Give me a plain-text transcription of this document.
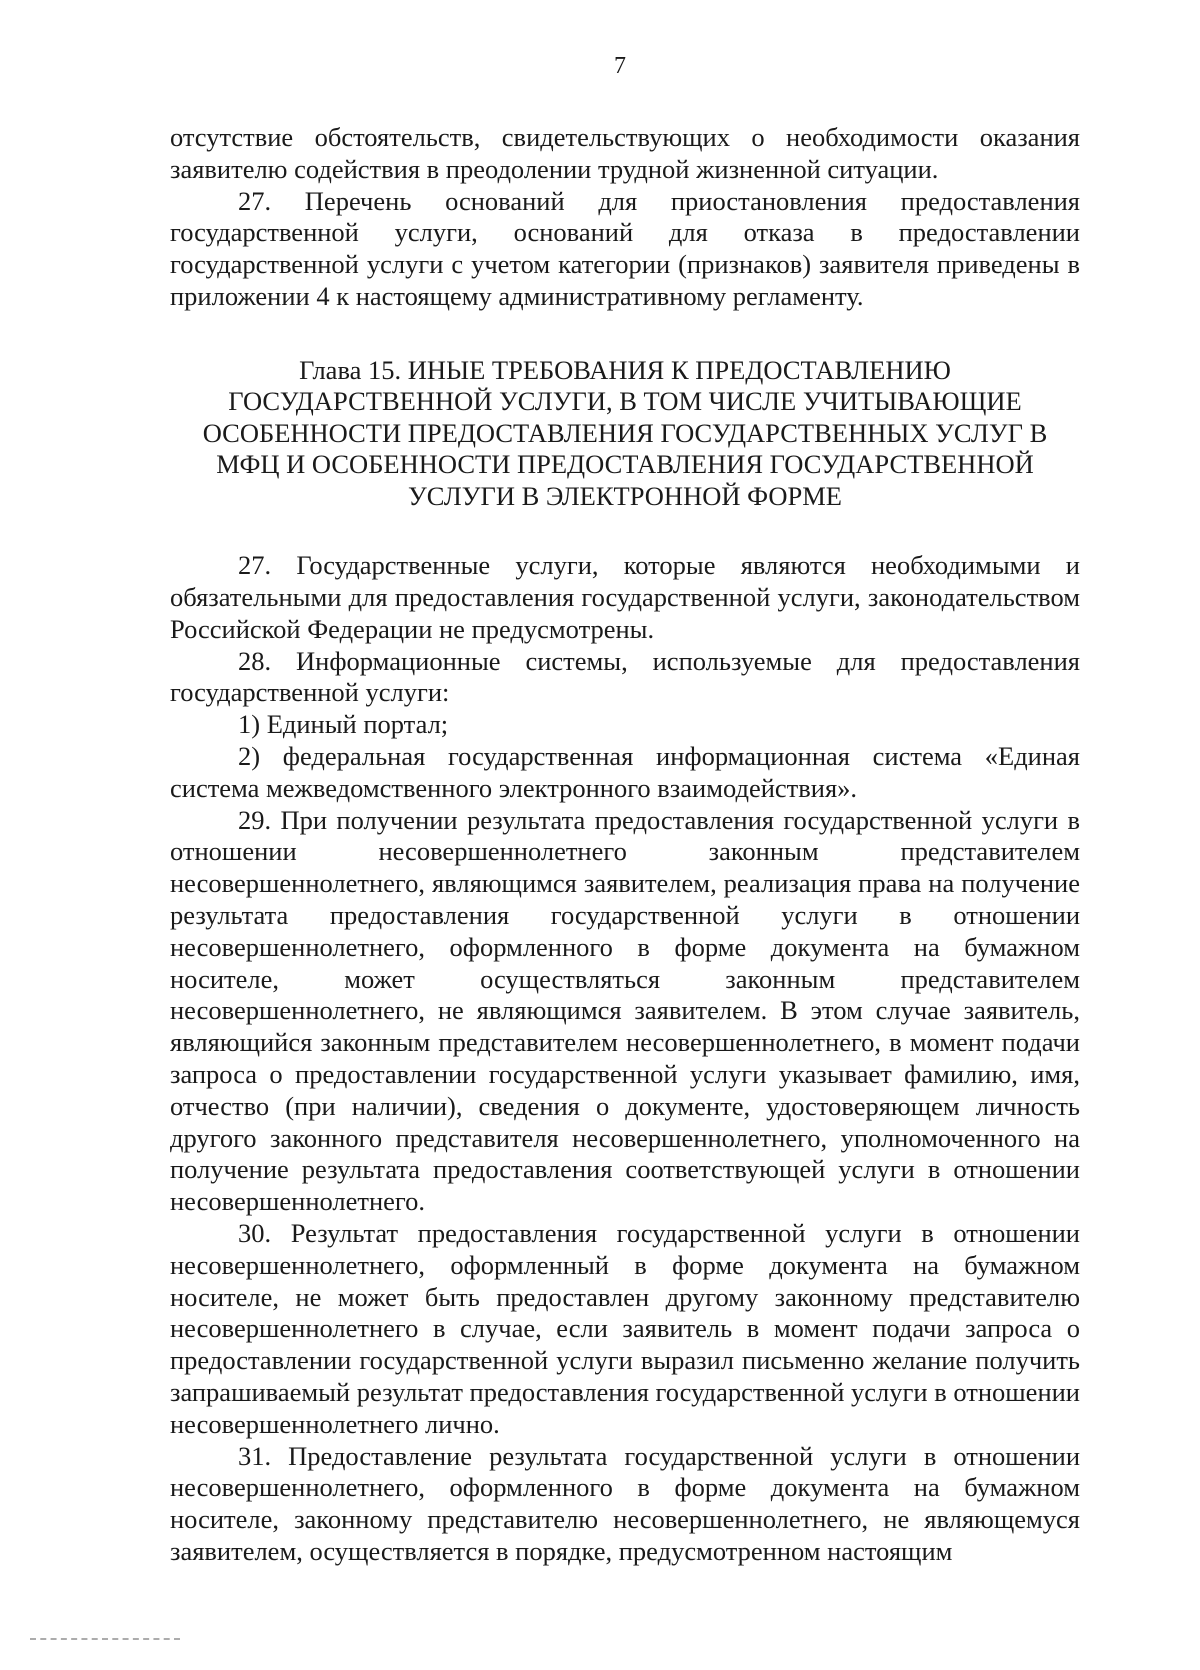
7

отсутствие обстоятельств, свидетельствующих о необходимости оказания заявителю содействия в преодолении трудной жизненной ситуации.

27. Перечень оснований для приостановления предоставления государственной услуги, оснований для отказа в предоставлении государственной услуги с учетом категории (признаков) заявителя приведены в приложении 4 к настоящему административному регламенту.

Глава 15. ИНЫЕ ТРЕБОВАНИЯ К ПРЕДОСТАВЛЕНИЮ
ГОСУДАРСТВЕННОЙ УСЛУГИ, В ТОМ ЧИСЛЕ УЧИТЫВАЮЩИЕ
ОСОБЕННОСТИ ПРЕДОСТАВЛЕНИЯ ГОСУДАРСТВЕННЫХ УСЛУГ В
МФЦ И ОСОБЕННОСТИ ПРЕДОСТАВЛЕНИЯ ГОСУДАРСТВЕННОЙ
УСЛУГИ В ЭЛЕКТРОННОЙ ФОРМЕ

27. Государственные услуги, которые являются необходимыми и обязательными для предоставления государственной услуги, законодательством Российской Федерации не предусмотрены.

28. Информационные системы, используемые для предоставления государственной услуги:

1) Единый портал;

2) федеральная государственная информационная система «Единая система межведомственного электронного взаимодействия».

29. При получении результата предоставления государственной услуги в отношении несовершеннолетнего законным представителем несовершеннолетнего, являющимся заявителем, реализация права на получение результата предоставления государственной услуги в отношении несовершеннолетнего, оформленного в форме документа на бумажном носителе, может осуществляться законным представителем несовершеннолетнего, не являющимся заявителем. В этом случае заявитель, являющийся законным представителем несовершеннолетнего, в момент подачи запроса о предоставлении государственной услуги указывает фамилию, имя, отчество (при наличии), сведения о документе, удостоверяющем личность другого законного представителя несовершеннолетнего, уполномоченного на получение результата предоставления соответствующей услуги в отношении несовершеннолетнего.

30. Результат предоставления государственной услуги в отношении несовершеннолетнего, оформленный в форме документа на бумажном носителе, не может быть предоставлен другому законному представителю несовершеннолетнего в случае, если заявитель в момент подачи запроса о предоставлении государственной услуги выразил письменно желание получить запрашиваемый результат предоставления государственной услуги в отношении несовершеннолетнего лично.

31. Предоставление результата государственной услуги в отношении несовершеннолетнего, оформленного в форме документа на бумажном носителе, законному представителю несовершеннолетнего, не являющемуся заявителем, осуществляется в порядке, предусмотренном настоящим
